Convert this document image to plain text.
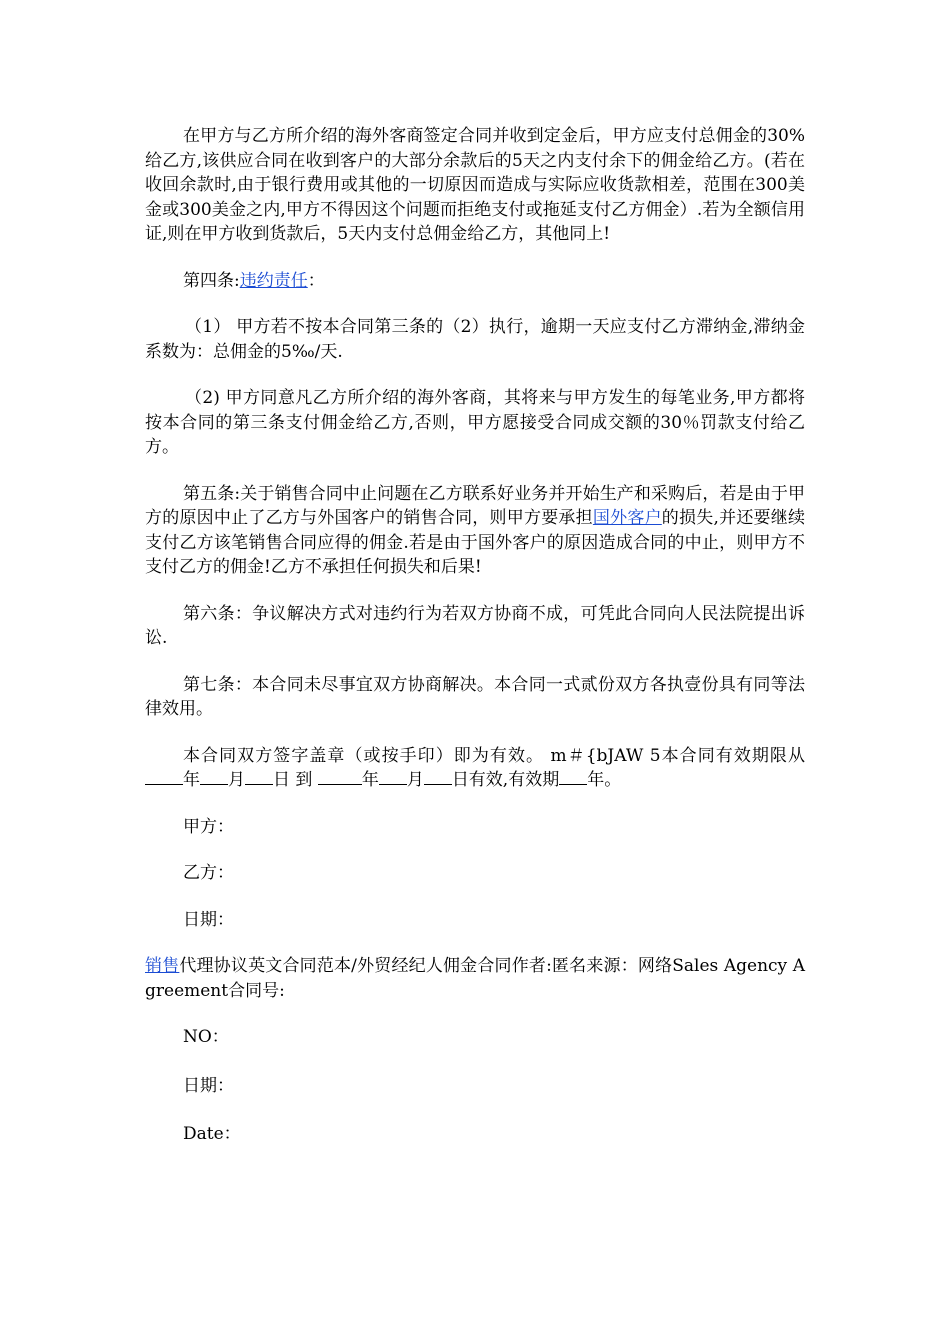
在甲方与乙方所介绍的海外客商签定合同并收到定金后，甲方应支付总佣金的30%给乙方,该供应合同在收到客户的大部分余款后的5天之内支付余下的佣金给乙方。(若在收回余款时,由于银行费用或其他的一切原因而造成与实际应收货款相差，范围在300美金或300美金之内,甲方不得因这个问题而拒绝支付或拖延支付乙方佣金）.若为全额信用证,则在甲方收到货款后，5天内支付总佣金给乙方，其他同上!

第四条:违约责任：

（1） 甲方若不按本合同第三条的（2）执行，逾期一天应支付乙方滞纳金,滞纳金系数为：总佣金的5‰/天.

（2) 甲方同意凡乙方所介绍的海外客商，其将来与甲方发生的每笔业务,甲方都将按本合同的第三条支付佣金给乙方,否则，甲方愿接受合同成交额的30％罚款支付给乙方。

第五条:关于销售合同中止问题在乙方联系好业务并开始生产和采购后，若是由于甲方的原因中止了乙方与外国客户的销售合同，则甲方要承担国外客户的损失,并还要继续支付乙方该笔销售合同应得的佣金.若是由于国外客户的原因造成合同的中止，则甲方不支付乙方的佣金!乙方不承担任何损失和后果!

第六条：争议解决方式对违约行为若双方协商不成，可凭此合同向人民法院提出诉讼.

第七条：本合同未尽事宜双方协商解决。本合同一式贰份双方各执壹份具有同等法律效用。

本合同双方签字盖章（或按手印）即为有效。 m＃{bJAW 5本合同有效期限从年 月 日 到	年 月 日有效,有效期 年。

甲方：

乙方：

日期：

销售代理协议英文合同范本/外贸经纪人佣金合同作者:匿名来源：网络Sales Agency Agreement合同号:

NO：

日期：

Date：
